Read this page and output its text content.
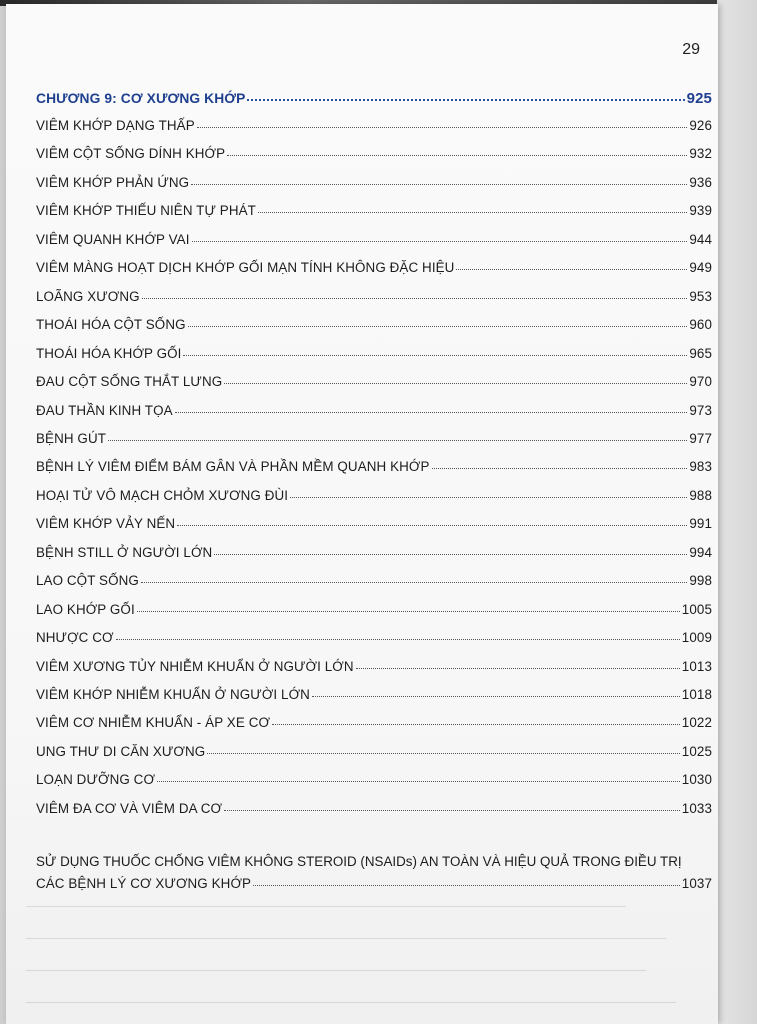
29
CHƯƠNG 9: CƠ XƯƠNG KHỚP	925
SỬ DỤNG THUỐC CHỐNG VIÊM KHÔNG STEROID (NSAIDs) AN TOÀN VÀ HIỆU QUẢ TRONG ĐIỀU TRỊ
CÁC BỆNH LÝ CƠ XƯƠNG KHỚP	1037
VIÊM KHỚP DẠNG THẤP	926
VIÊM CỘT SỐNG DÍNH KHỚP	932
VIÊM KHỚP PHẢN ỨNG	936
VIÊM KHỚP THIẾU NIÊN TỰ PHÁT	939
VIÊM QUANH KHỚP VAI	944
VIÊM MÀNG HOẠT DỊCH KHỚP GỐI MẠN TÍNH KHÔNG ĐẶC HIỆU	949
LOÃNG XƯƠNG	953
THOÁI HÓA CỘT SỐNG	960
THOÁI HÓA KHỚP GỐI	965
ĐAU CỘT SỐNG THẮT LƯNG	970
ĐAU THẦN KINH TỌA	973
BỆNH GÚT	977
BỆNH LÝ VIÊM ĐIỂM BÁM GÂN VÀ PHẦN MỀM QUANH KHỚP	983
HOẠI TỬ VÔ MẠCH CHỎM XƯƠNG ĐÙI	988
VIÊM KHỚP VẢY NẾN	991
BỆNH STILL Ở NGƯỜI LỚN	994
LAO CỘT SỐNG	998
LAO KHỚP GỐI	1005
NHƯỢC CƠ	1009
VIÊM XƯƠNG TỦY NHIỄM KHUẨN Ở NGƯỜI LỚN	1013
VIÊM KHỚP NHIỄM KHUẨN Ở NGƯỜI LỚN	1018
VIÊM CƠ NHIỄM KHUẨN - ÁP XE CƠ	1022
UNG THƯ DI CĂN XƯƠNG	1025
LOẠN DƯỠNG CƠ	1030
VIÊM ĐA CƠ VÀ VIÊM DA CƠ	1033
